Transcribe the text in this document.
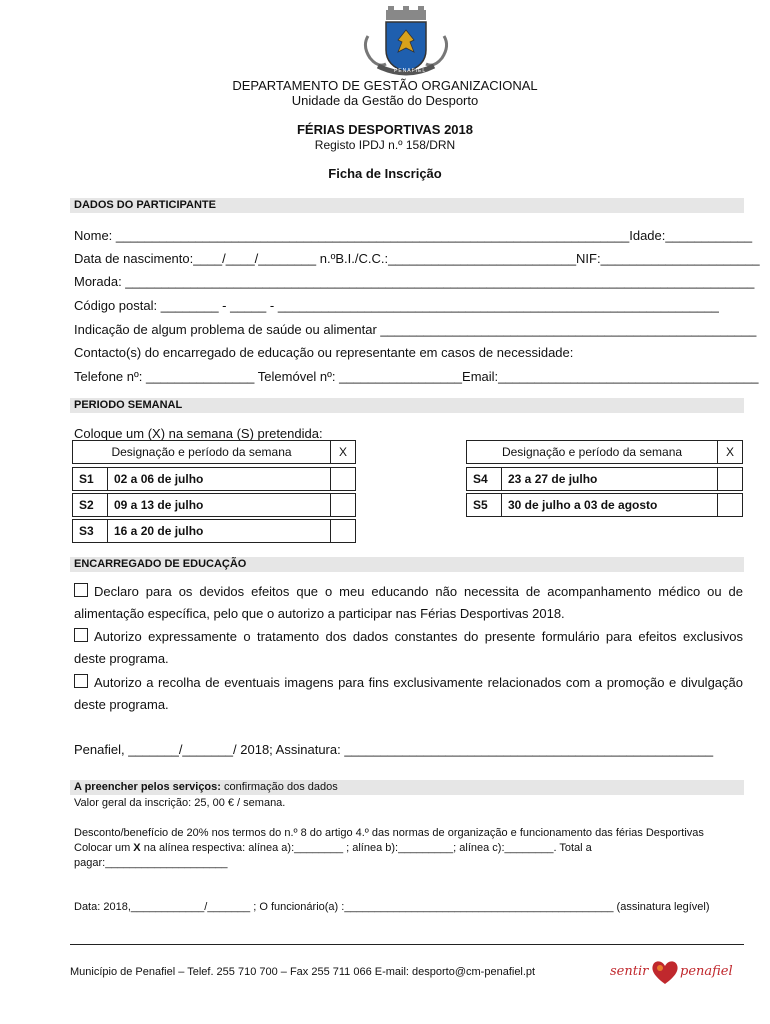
PENAFIEL
DEPARTAMENTO DE GESTÃO ORGANIZACIONAL
Unidade da Gestão do Desporto
FÉRIAS DESPORTIVAS 2018
Registo IPDJ n.º 158/DRN
Ficha de Inscrição
DADOS DO PARTICIPANTE
Nome: _______________________________________________________________________Idade:____________
Data de nascimento:____/____/________ n.ºB.I./C.C.:__________________________NIF:______________________
Morada: _______________________________________________________________________________________
Código postal: ________ - _____ - _____________________________________________________________
Indicação de algum problema de saúde ou alimentar ____________________________________________________
Contacto(s) do encarregado de educação ou representante em casos de necessidade:
Telefone nº: _______________ Telemóvel nº: _________________Email:____________________________________
PERIODO SEMANAL
Coloque um (X) na semana (S) pretendida:
Designação e período da semana		X

S1	02 a 06 de julho	

S2	09 a 13 de julho	

S3	16 a 20 de julho	
Designação e período da semana		X

S4	23 a 27 de julho	

S5	30 de julho a 03 de agosto	
ENCARREGADO DE EDUCAÇÃO
Declaro para os devidos efeitos que o meu educando não necessita de acompanhamento médico ou de alimentação específica, pelo que o autorizo a participar nas Férias Desportivas 2018.
Autorizo expressamente o tratamento dos dados constantes do presente formulário para efeitos exclusivos deste programa.
Autorizo a recolha de eventuais imagens para fins exclusivamente relacionados com a promoção e divulgação deste programa.
Penafiel, _______/_______/ 2018; Assinatura: ___________________________________________________
A preencher pelos serviços: confirmação dos dados
Valor geral da inscrição: 25, 00 € / semana.
Desconto/benefício de 20% nos termos do n.º 8 do artigo 4.º das normas de organização e funcionamento das férias Desportivas
Colocar um X na alínea respectiva: alínea a):________ ; alínea b):_________; alínea c):________. Total a
pagar:____________________
Data: 2018,____________/_______ ; O funcionário(a) :____________________________________________ (assinatura legível)
Município de Penafiel – Telef. 255 710 700 – Fax 255 711 066 E-mail: desporto@cm-penafiel.pt	sentir penafiel
